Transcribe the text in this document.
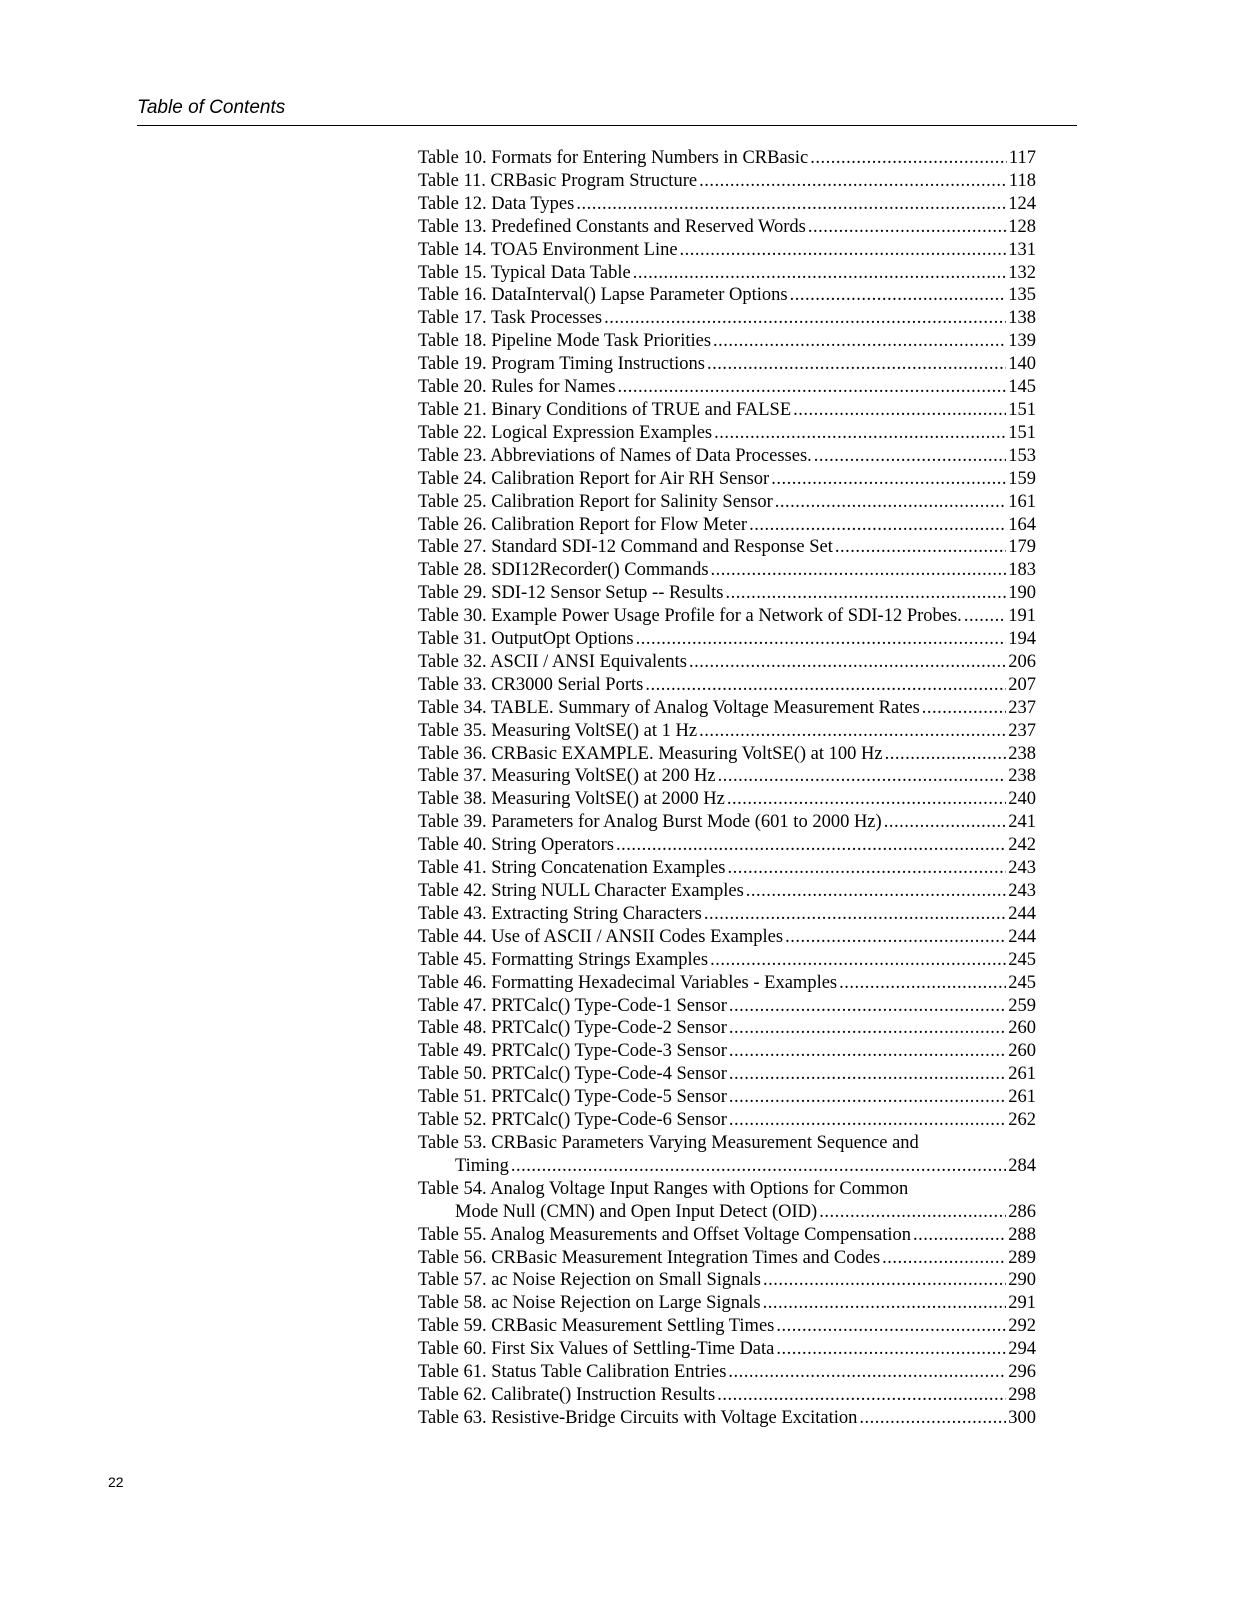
Table of Contents
Table 10. Formats for Entering Numbers in CRBasic .....	117
Table 11. CRBasic Program Structure .....	118
Table 12. Data Types .....	124
Table 13. Predefined Constants and Reserved Words .....	128
Table 14. TOA5 Environment Line .....	131
Table 15. Typical Data Table .....	132
Table 16. DataInterval() Lapse Parameter Options .....	135
Table 17. Task Processes .....	138
Table 18. Pipeline Mode Task Priorities .....	139
Table 19. Program Timing Instructions .....	140
Table 20. Rules for Names .....	145
Table 21. Binary Conditions of TRUE and FALSE .....	151
Table 22. Logical Expression Examples .....	151
Table 23. Abbreviations of Names of Data Processes. .....	153
Table 24. Calibration Report for Air RH Sensor .....	159
Table 25. Calibration Report for Salinity Sensor .....	161
Table 26. Calibration Report for Flow Meter .....	164
Table 27. Standard SDI-12 Command and Response Set .....	179
Table 28. SDI12Recorder() Commands .....	183
Table 29. SDI-12 Sensor Setup -- Results .....	190
Table 30. Example Power Usage Profile for a Network of SDI-12 Probes. .....	191
Table 31. OutputOpt Options .....	194
Table 32. ASCII / ANSI Equivalents .....	206
Table 33. CR3000 Serial Ports .....	207
Table 34. TABLE. Summary of Analog Voltage Measurement Rates .....	237
Table 35. Measuring VoltSE() at 1 Hz .....	237
Table 36. CRBasic EXAMPLE. Measuring VoltSE() at 100 Hz .....	238
Table 37. Measuring VoltSE() at 200 Hz .....	238
Table 38. Measuring VoltSE() at 2000 Hz .....	240
Table 39. Parameters for Analog Burst Mode (601 to 2000 Hz) .....	241
Table 40. String Operators .....	242
Table 41. String Concatenation Examples .....	243
Table 42. String NULL Character Examples .....	243
Table 43. Extracting String Characters .....	244
Table 44. Use of ASCII / ANSII Codes Examples .....	244
Table 45. Formatting Strings Examples .....	245
Table 46. Formatting Hexadecimal Variables - Examples .....	245
Table 47. PRTCalc() Type-Code-1 Sensor .....	259
Table 48. PRTCalc() Type-Code-2 Sensor .....	260
Table 49. PRTCalc() Type-Code-3 Sensor .....	260
Table 50. PRTCalc() Type-Code-4 Sensor .....	261
Table 51. PRTCalc() Type-Code-5 Sensor .....	261
Table 52. PRTCalc() Type-Code-6 Sensor .....	262
Table 53. CRBasic Parameters Varying Measurement Sequence and
Timing .....	284
Table 54. Analog Voltage Input Ranges with Options for Common
Mode Null (CMN) and Open Input Detect (OID) .....	286
Table 55. Analog Measurements and Offset Voltage Compensation .....	288
Table 56. CRBasic Measurement Integration Times and Codes .....	289
Table 57. ac Noise Rejection on Small Signals .....	290
Table 58. ac Noise Rejection on Large Signals .....	291
Table 59. CRBasic Measurement Settling Times .....	292
Table 60. First Six Values of Settling-Time Data .....	294
Table 61. Status Table Calibration Entries .....	296
Table 62. Calibrate() Instruction Results .....	298
Table 63. Resistive-Bridge Circuits with Voltage Excitation .....	300
22
